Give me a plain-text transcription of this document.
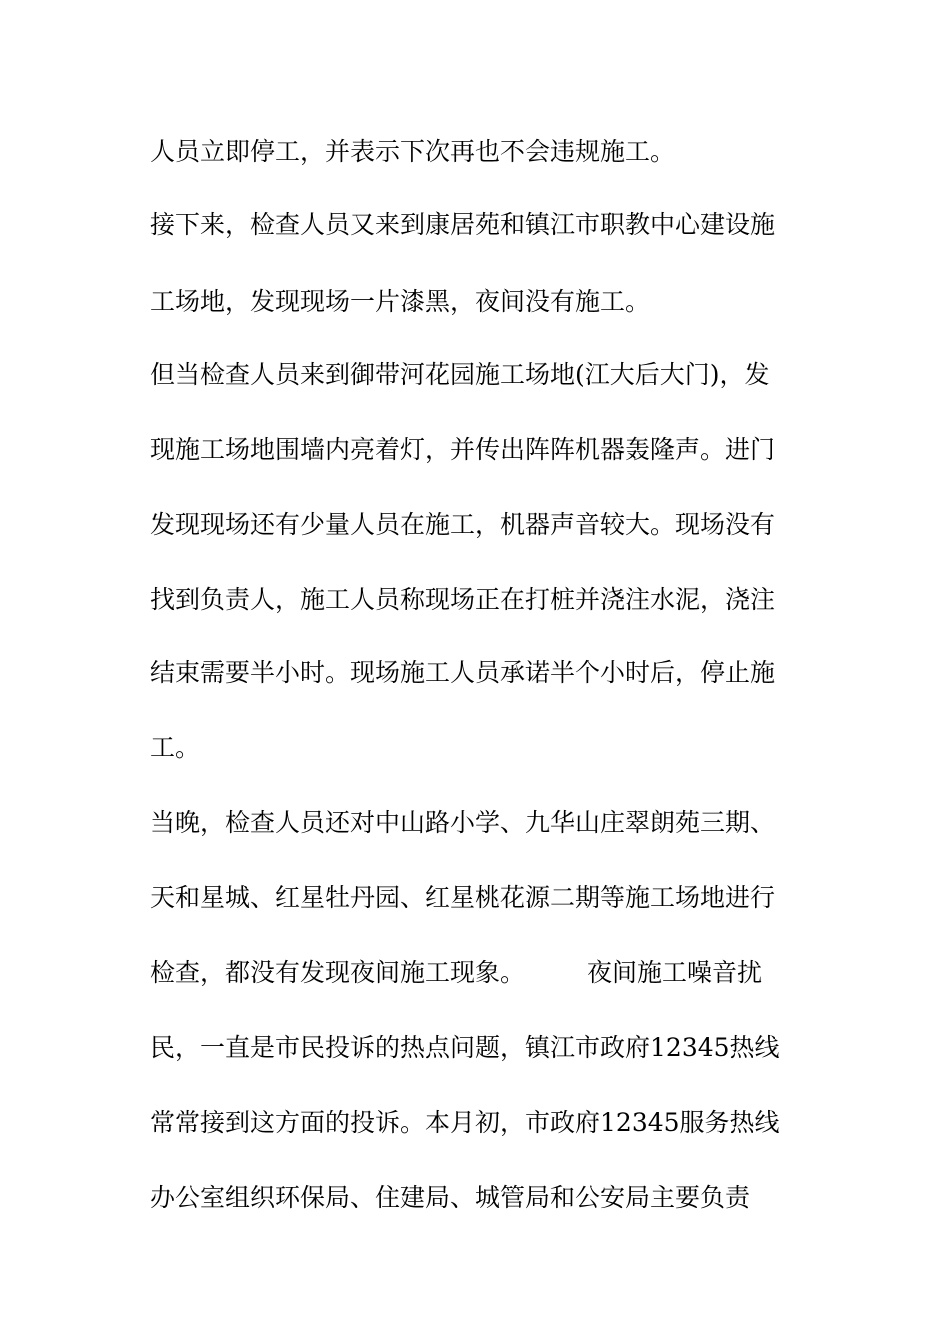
人员立即停工，并表示下次再也不会违规施工。
接下来，检查人员又来到康居苑和镇江市职教中心建设施
工场地，发现现场一片漆黑，夜间没有施工。
但当检查人员来到御带河花园施工场地(江大后大门)，发
现施工场地围墙内亮着灯，并传出阵阵机器轰隆声。进门
发现现场还有少量人员在施工，机器声音较大。现场没有
找到负责人，施工人员称现场正在打桩并浇注水泥，浇注
结束需要半小时。现场施工人员承诺半个小时后，停止施
工。
当晚，检查人员还对中山路小学、九华山庄翠朗苑三期、
天和星城、红星牡丹园、红星桃花源二期等施工场地进行
检查，都没有发现夜间施工现象。 夜间施工噪音扰
民，一直是市民投诉的热点问题，镇江市政府12345热线
常常接到这方面的投诉。本月初，市政府12345服务热线
办公室组织环保局、住建局、城管局和公安局主要负责
